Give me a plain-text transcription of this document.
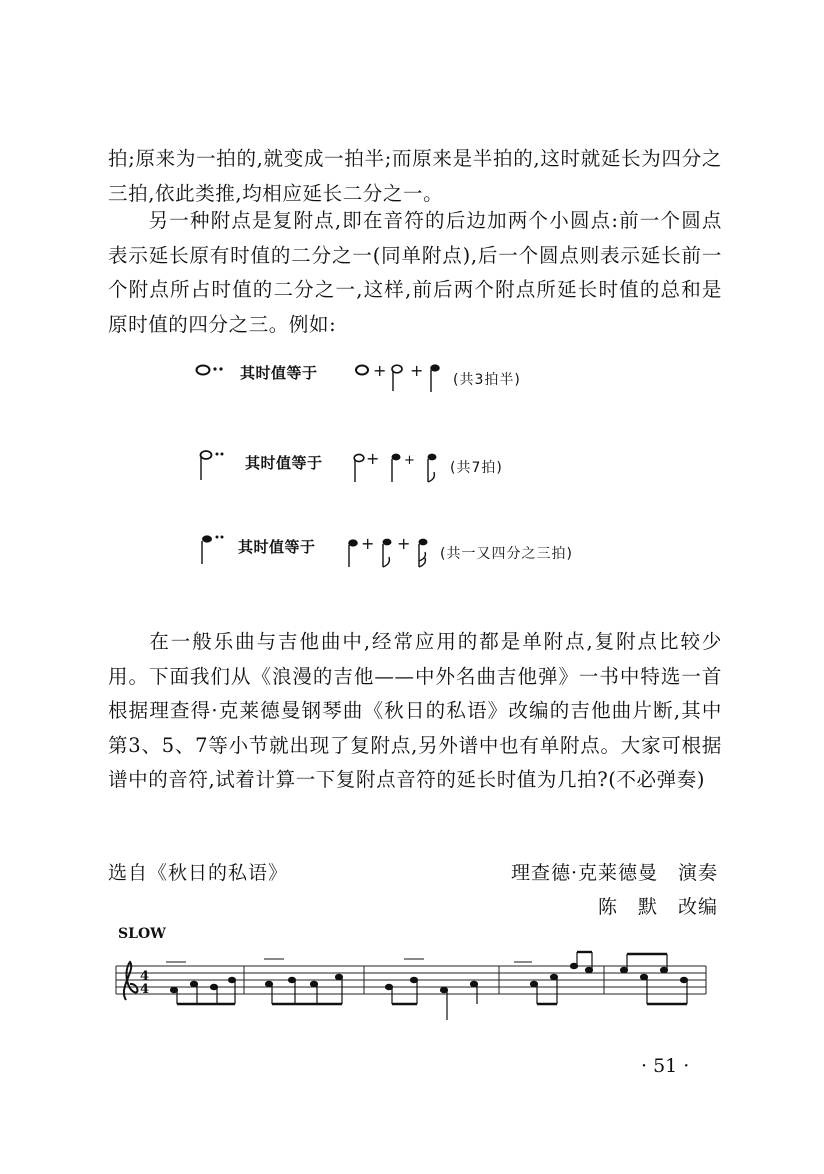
拍;原来为一拍的,就变成一拍半;而原来是半拍的,这时就延长为四分之三拍,依此类推,均相应延长二分之一。

另一种附点是复附点,即在音符的后边加两个小圆点:前一个圆点表示延长原有时值的二分之一(同单附点),后一个圆点则表示延长前一个附点所占时值的二分之一,这样,前后两个附点所延长时值的总和是原时值的四分之三。例如:

其时值等于	+ + (共3拍半)
其时值等于	+ +	(共7拍)
其时值等于	+ +
(共一又四分之三拍)

在一般乐曲与吉他曲中,经常应用的都是单附点,复附点比较少用。下面我们从《浪漫的吉他——中外名曲吉他弹》一书中特选一首根据理查得·克莱德曼钢琴曲《秋日的私语》改编的吉他曲片断,其中第3、5、7等小节就出现了复附点,另外谱中也有单附点。大家可根据谱中的音符,试着计算一下复附点音符的延长时值为几拍?(不必弹奏)

选自《秋日的私语》	理查德·克莱德曼　演奏
陈　默　改编
SLOW
4
4
· 51 ·
